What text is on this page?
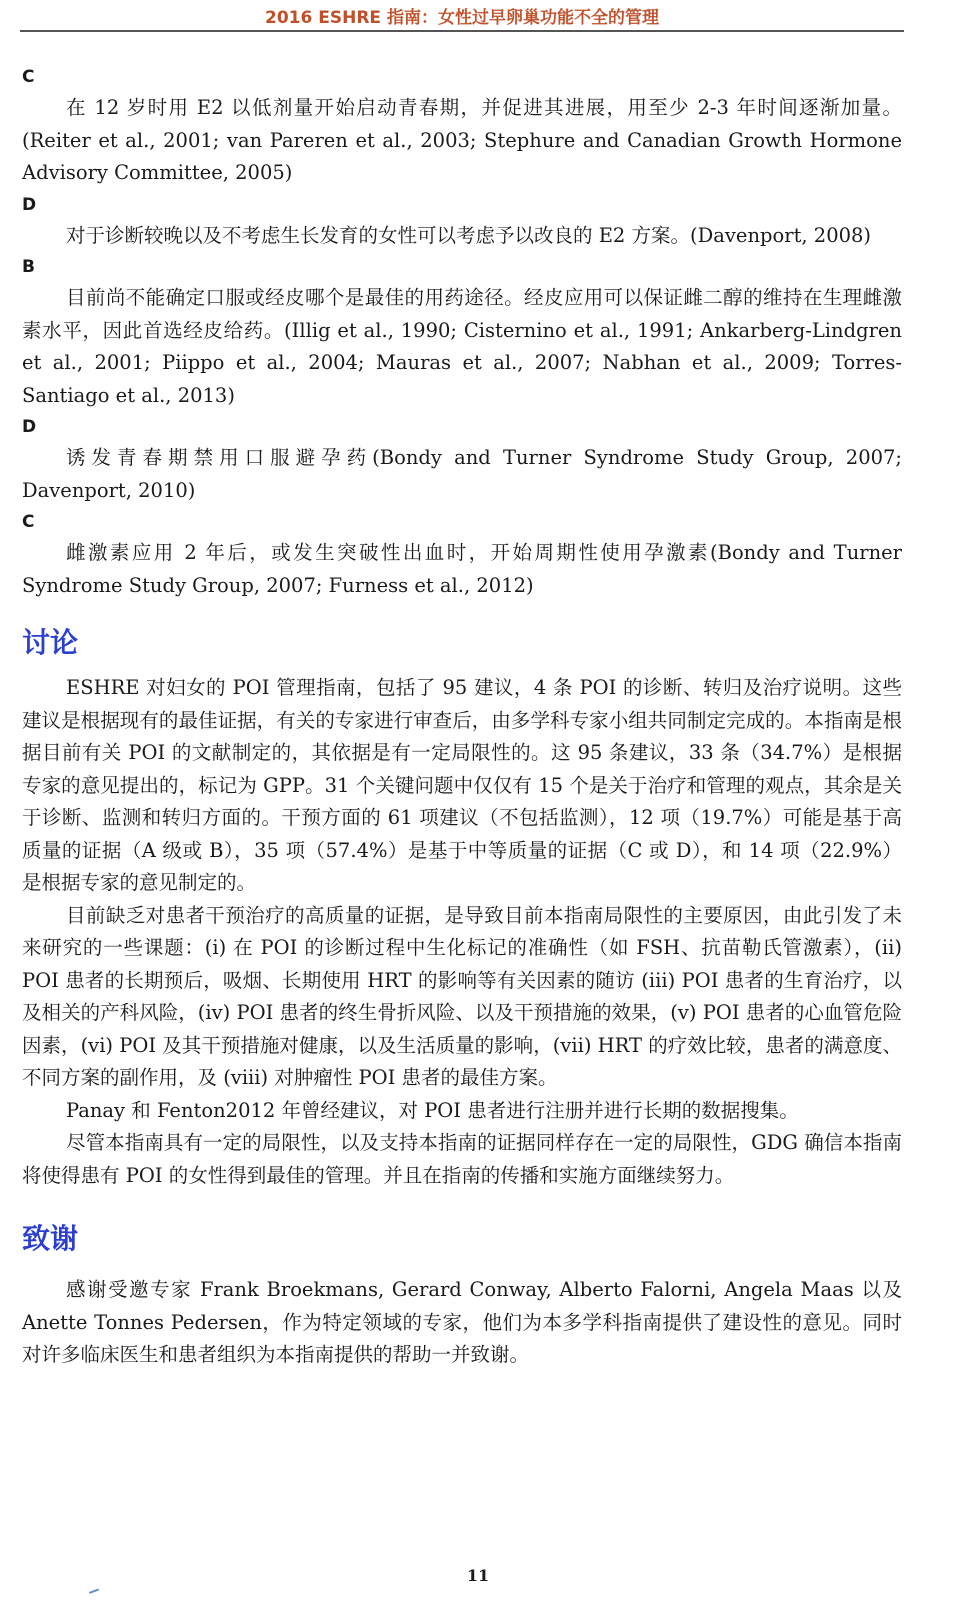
2016 ESHRE 指南：女性过早卵巢功能不全的管理
C

在 12 岁时用 E2 以低剂量开始启动青春期，并促进其进展，用至少 2-3 年时间逐渐加量。(Reiter et al., 2001; van Pareren et al., 2003; Stephure and Canadian Growth Hormone Advisory Committee, 2005)

D

对于诊断较晚以及不考虑生长发育的女性可以考虑予以改良的 E2 方案。(Davenport, 2008)

B

目前尚不能确定口服或经皮哪个是最佳的用药途径。经皮应用可以保证雌二醇的维持在生理雌激素水平，因此首选经皮给药。(Illig et al., 1990; Cisternino et al., 1991; Ankarberg-Lindgren et al., 2001; Piippo et al., 2004; Mauras et al., 2007; Nabhan et al., 2009; Torres-Santiago et al., 2013)

D

诱发青春期禁用口服避孕药(Bondy and Turner Syndrome Study Group, 2007; Davenport, 2010)

C

雌激素应用 2 年后，或发生突破性出血时，开始周期性使用孕激素(Bondy and Turner Syndrome Study Group, 2007; Furness et al., 2012)

讨论

ESHRE 对妇女的 POI 管理指南，包括了 95 建议，4 条 POI 的诊断、转归及治疗说明。这些建议是根据现有的最佳证据，有关的专家进行审查后，由多学科专家小组共同制定完成的。本指南是根据目前有关 POI 的文献制定的，其依据是有一定局限性的。这 95 条建议，33 条（34.7%）是根据专家的意见提出的，标记为 GPP。31 个关键问题中仅仅有 15 个是关于治疗和管理的观点，其余是关于诊断、监测和转归方面的。干预方面的 61 项建议（不包括监测），12 项（19.7%）可能是基于高质量的证据（A 级或 B），35 项（57.4%）是基于中等质量的证据（C 或 D），和 14 项（22.9%）是根据专家的意见制定的。

目前缺乏对患者干预治疗的高质量的证据，是导致目前本指南局限性的主要原因，由此引发了未来研究的一些课题：(i) 在 POI 的诊断过程中生化标记的准确性（如 FSH、抗苗勒氏管激素），(ii) POI 患者的长期预后，吸烟、长期使用 HRT 的影响等有关因素的随访 (iii) POI 患者的生育治疗，以及相关的产科风险，(iv) POI 患者的终生骨折风险、以及干预措施的效果，(v) POI 患者的心血管危险因素，(vi) POI 及其干预措施对健康，以及生活质量的影响，(vii) HRT 的疗效比较，患者的满意度、不同方案的副作用，及 (viii) 对肿瘤性 POI 患者的最佳方案。

Panay 和 Fenton2012 年曾经建议，对 POI 患者进行注册并进行长期的数据搜集。

尽管本指南具有一定的局限性，以及支持本指南的证据同样存在一定的局限性，GDG 确信本指南将使得患有 POI 的女性得到最佳的管理。并且在指南的传播和实施方面继续努力。

致谢

感谢受邀专家 Frank Broekmans, Gerard Conway, Alberto Falorni, Angela Maas 以及 Anette Tonnes Pedersen，作为特定领域的专家，他们为本多学科指南提供了建设性的意见。同时对许多临床医生和患者组织为本指南提供的帮助一并致谢。

11
